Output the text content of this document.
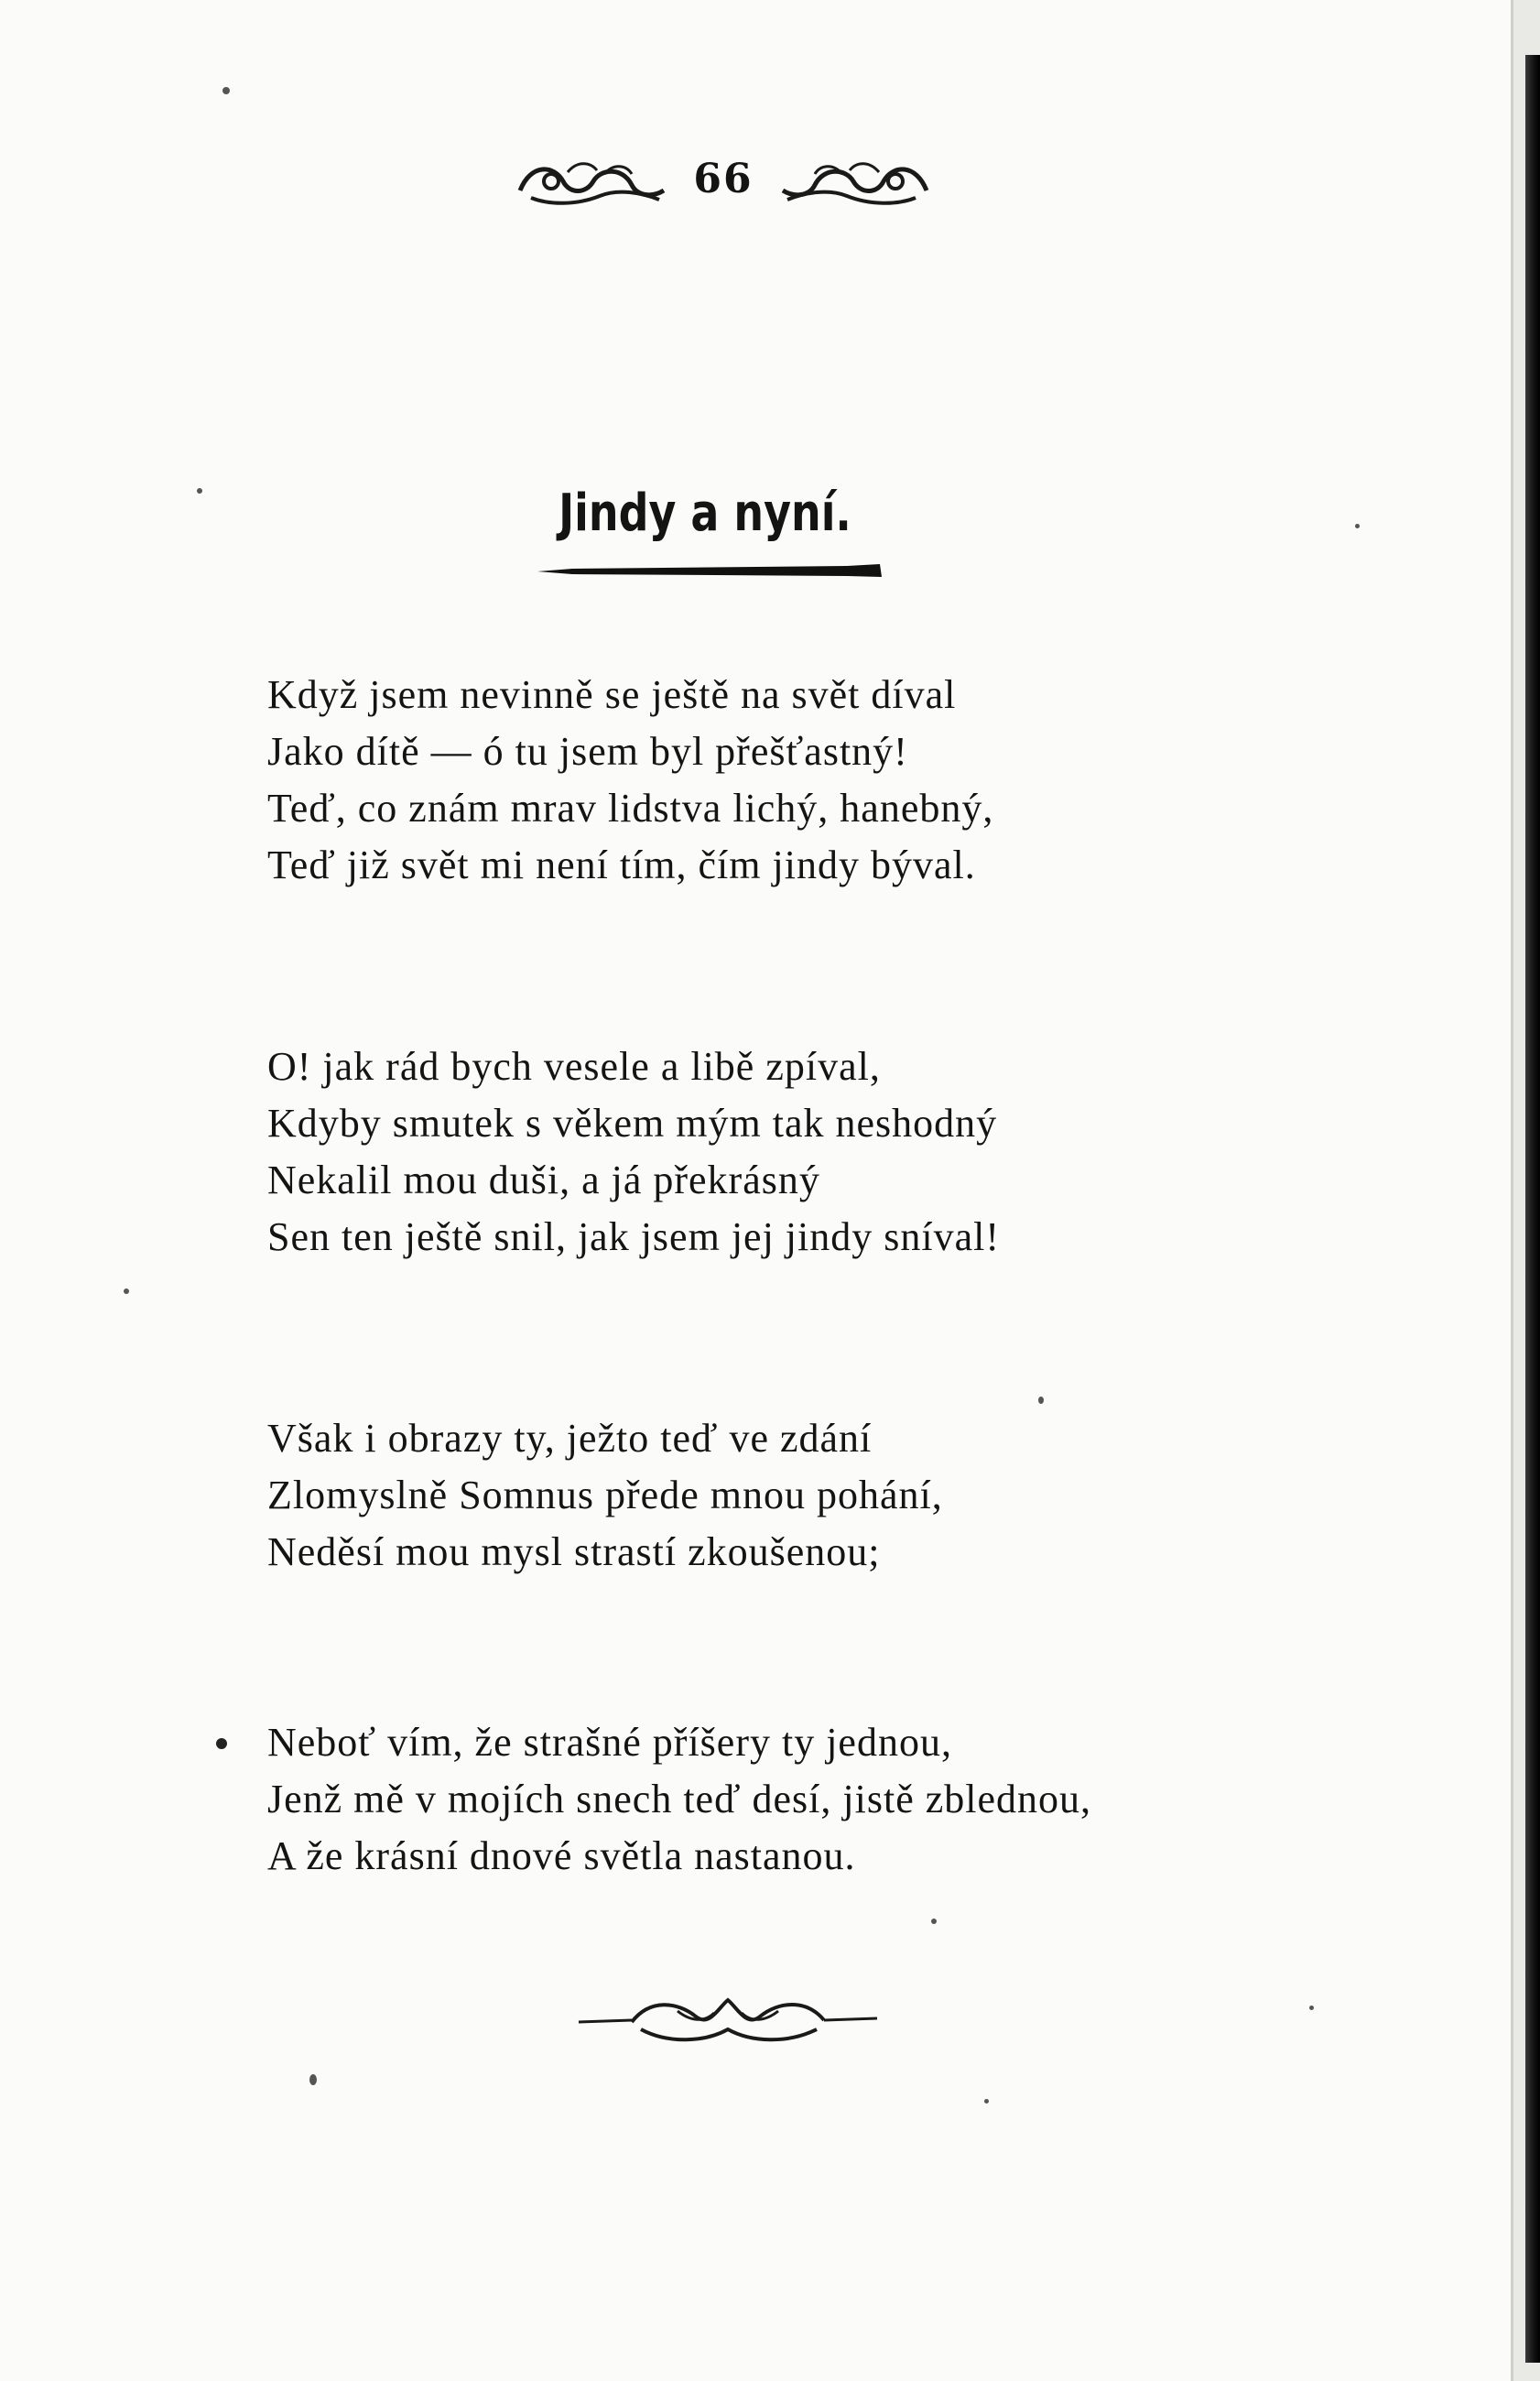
66
Jindy a nyní.
Když jsem nevinně se ještě na svět díval
Jako dítě — ó tu jsem byl přešťastný!
Teď, co znám mrav lidstva lichý, hanebný,
Teď již svět mi není tím, čím jindy býval.
O! jak rád bych vesele a libě zpíval,
Kdyby smutek s věkem mým tak neshodný
Nekalil mou duši, a já překrásný
Sen ten ještě snil, jak jsem jej jindy sníval!
Však i obrazy ty, ježto teď ve zdání
Zlomyslně Somnus přede mnou pohání,
Neděsí mou mysl strastí zkoušenou;
Neboť vím, že strašné příšery ty jednou,
Jenž mě v mojích snech teď desí, jistě zblednou,
A že krásní dnové světla nastanou.
